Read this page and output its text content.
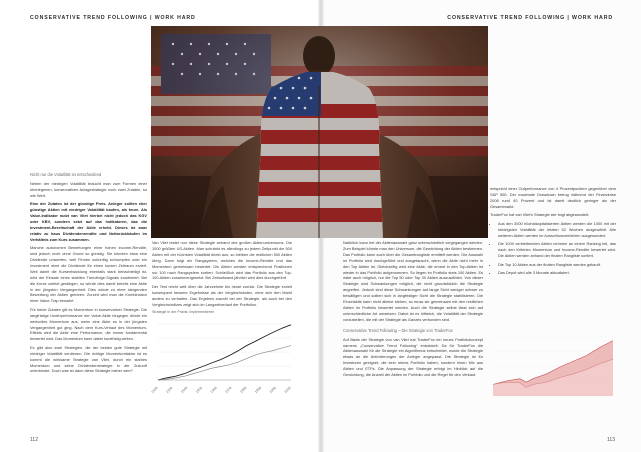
CONSERVATIVE TREND FOLLOWING | WORK HARD
Nicht nur die Volatilität ist entscheidend

Neben der niedrigen Volatilität braucht man zum Formen einer überlegenen, konservativen Anlagestrategie noch zwei Zutaten, so wie Wert.

Eine der Zutaten ist der günstige Preis. Anleger sollten eher günstige Aktien mit niedriger Volatilität kaufen, als teure. Als Value-Indikator nutzt van Vliet hierbei nicht jedoch das KGV oder KBV, sondern setzt auf das Indikatoren, das die Investment-Bereitschaft der Aktie erhebt. Dieses ist zwar relativ zu haus Dividendenrendite und Nettorückkäufen im Verhältnis zum Kurs zusammen.

Manche autonomen Bewertungen einer hohen Income-Rendite, sind jedoch nicht ohne Grund so günstig. Sie könnten etwa eine Dividende umwerfen, weil Firmen zukünftig schrumpfen oder ein Investment ohne die Dividende für einen kurzen Zeitraum erzielt. Weil damit die Kursentwicklung ebenfalls stark benachteiligt ist, wird der Einsatz eines stabilen Trendfolge-Signals kombiniert. Bei die Kurse zuletzt gestiegen, so würde dies damit bereits eine Aktie in der jüngsten Vergangenheit. Dies würde zu einer steigenden Bewertung der Aktien gehören: Zurzeit wird man die Kombination einer Value-Trap bewahrt.

Für beide Zutaten gilt es Momentum in konservativer Strategie. Die langfristige Underperformance der Value-Aktie hingegen drückt ein wertvolles Momentum aus, wenn eine Aktie es in der jüngsten Vergangenheit gut ging. Nach dem Kurs-Verlauf des Momentum-Effekts wird die Aktie eine Performance, die immer fundamental bewertet wird. Das Momentum kann dabei kurzfristig wirken.

Es gibt also zwei Strategien, die der beiden gute Strategie mit niedriger Volatilität verdienen. Die richtige Momentumfaktor ist es kommt die wirksame Strategie van Vliet, durch ein starkes Momentum und seine Dividendenstrategie in der Zukunft unterbindet. Doch was ist dann diese Strategie bisher wert?

Van Vliet testet nun diese Strategie anhand des großen Aktienuniversums. Die 1000 größten US-Aktien. Man schränkt es allerdings zu jedem Zeitpunkt die 500 Aktien mit der höchsten Volatilität direkt aus, so bleiben die restlichen 500 Aktien übrig. Dann folgt ein Rangsystem, welches die Income-Rendite und das Momentum gemeinsam bewertet. Die Aktien werden entsprechend Positionen nur 100 nach Rangsystem sortiert. Schließlich wird das Portfolio aus den Top-100-Aktien zusammengesetzt. Bei Zeitaufwand jährlich wird dies durchgeführt.

Der Test reicht weit über die Jahrzehnte bis heute zurück. Die Strategie erzielt konsequent bessere Ergebnisse als der Vergleichsindex, ohne sich den Markt anders zu verhalten. Das Ergebnis sowohl bei der Strategie, als auch bei den Vergleichsindizes zeigt sich im Langzeitverlauf der Portfolios.

Strategie in der Praxis: Implementieren
1929 1939 1949 1959 1969 1979 1989 1999 2009 2019
112
CONSERVATIVE TREND FOLLOWING | WORK HARD

Natürlich kann bei der Aktienauswahl ganz unterschiedlich vorgegangen werden. Zum Beispiel könnte man den Universum, die Gewichtung der Aktien bestimmen. Das Portfolio kann auch über die Gesamtrangliste ermittelt werden. Die Auswahl im Portfolio wird durchgeführt und ausgetauscht, wenn die Aktie nicht mehr in den Top Aktien ist. Gleichzeitig wird eine Aktie, die erneut in den Top-Aktien ist wieder in das Portfolio aufgenommen. So liegen im Portfolio stets 100 Aktien. Es wäre auch möglich, nur die Top 50 oder Top 30 Aktien auszuwählen. Von dieser Strategie sind Schwankungen möglich, die nicht grundsätzlich die Strategie angreifen. Jedoch sind diese Schwankungen auf lange Sicht weniger schwer zu bewältigen und sollten sich in langfristiger Sicht die Strategie stabilisieren. Die Einzelaktie kann nicht alleine stehen, so muss sie gemeinsam mit den restlichen Aktien im Portfolio bewertet werden. Auch die Strategie selbst lässt sich auf unterschiedliche Art umsetzen. Dabei ist es hilfreich, die Volatilität der Strategie vorzustellen, die mit der Strategie als Ganzes verbunden sind.

Conservative Trend Following – Die Strategie von TraderFox

Auf Basis der Strategie von van Vliet hat TraderFox ein neues Portfoliokonzept namens „Conservative Trend Following“ entwickelt. Da für TraderFox die Aktienauswahl für die Strategie ein Algorithmus entscheidet, wurde die Strategie etwas an die Anforderungen der Anleger angepasst. Die Strategie ist für Investoren geeignet, die kein reines Portfolio haben, sondern einen Mix aus Aktien und ETFs. Die Anpassung der Strategie erfolgt im Hinblick auf die Gewichtung, die Anzahl der Aktien im Portfolio und die Regel für den Verkauf.

entspricht einer Outperformance von 4 Prozentpunkten gegenüber dem S&P 500. Der maximale Drawdown betrug während der Finanzkrise 2008 rund 40 Prozent und ist damit deutlich geringer als der Gesamtmarkt.

TraderFox hat van Vliet's Strategie wie folgt abgewandelt:

• Aus den 3000 höchstkapitalisierten Aktien werden die 1000 mit der niedrigsten Volatilität der letzten 52 Wochen ausgewählt. Alle weiteren Aktien werden im Ausschlussverfahren ausgesondert.
• Die 1000 verbleibenden Aktien nehmen an einem Ranking teil, das nach den Kriterien Momentum und Income-Rendite bewertet wird. Die Aktien werden anhand der finalen Rangliste sortiert.
• Die Top 10 Aktien aus der finalen Rangliste werden gekauft.
• Das Depot wird alle 3 Monate aktualisiert.
113
